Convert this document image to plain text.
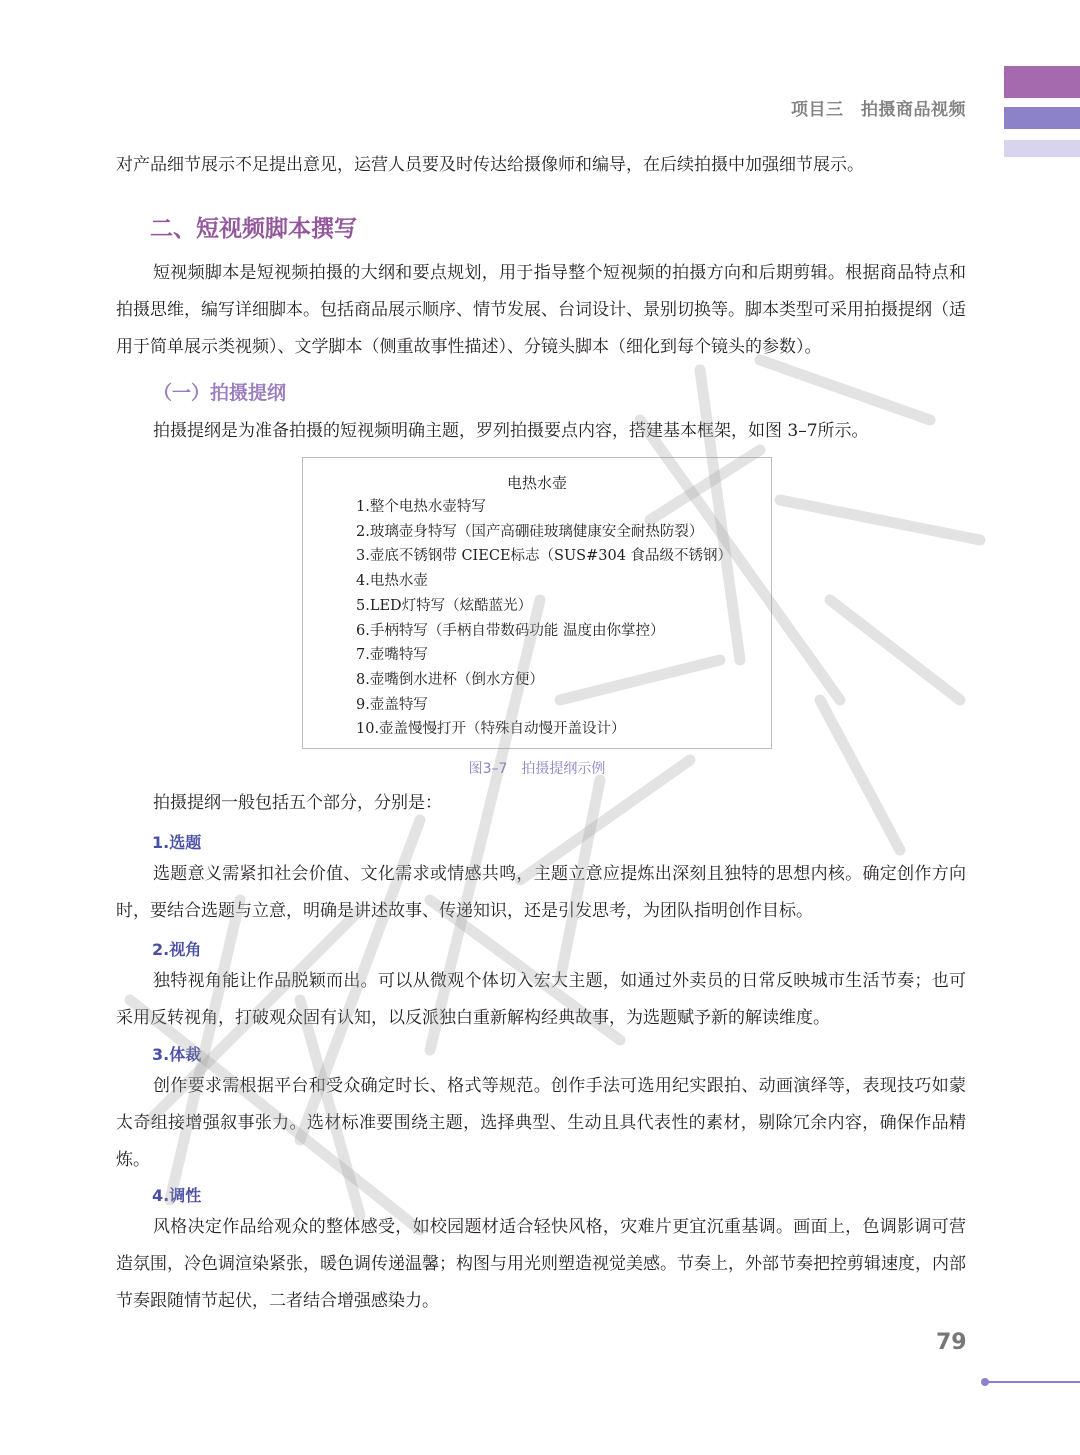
项目三　拍摄商品视频

对产品细节展示不足提出意见，运营人员要及时传达给摄像师和编导，在后续拍摄中加强细节展示。

二、短视频脚本撰写

短视频脚本是短视频拍摄的大纲和要点规划，用于指导整个短视频的拍摄方向和后期剪辑。根据商品特点和拍摄思维，编写详细脚本。包括商品展示顺序、情节发展、台词设计、景别切换等。脚本类型可采用拍摄提纲（适用于简单展示类视频）、文学脚本（侧重故事性描述）、分镜头脚本（细化到每个镜头的参数）。

（一）拍摄提纲

拍摄提纲是为准备拍摄的短视频明确主题，罗列拍摄要点内容，搭建基本框架，如图 3–7所示。

电热水壶
1.整个电热水壶特写
2.玻璃壶身特写（国产高硼硅玻璃健康安全耐热防裂）
3.壶底不锈钢带 CIECE标志（SUS#304 食品级不锈钢）
4.电热水壶
5.LED灯特写（炫酷蓝光）
6.手柄特写（手柄自带数码功能 温度由你掌控）
7.壶嘴特写
8.壶嘴倒水进杯（倒水方便）
9.壶盖特写
10.壶盖慢慢打开（特殊自动慢开盖设计）
图3–7　拍摄提纲示例

拍摄提纲一般包括五个部分，分别是：

1.选题

选题意义需紧扣社会价值、文化需求或情感共鸣，主题立意应提炼出深刻且独特的思想内核。确定创作方向时，要结合选题与立意，明确是讲述故事、传递知识，还是引发思考，为团队指明创作目标。

2.视角

独特视角能让作品脱颖而出。可以从微观个体切入宏大主题，如通过外卖员的日常反映城市生活节奏；也可采用反转视角，打破观众固有认知，以反派独白重新解构经典故事，为选题赋予新的解读维度。

3.体裁

创作要求需根据平台和受众确定时长、格式等规范。创作手法可选用纪实跟拍、动画演绎等，表现技巧如蒙太奇组接增强叙事张力。选材标准要围绕主题，选择典型、生动且具代表性的素材，剔除冗余内容，确保作品精炼。

4.调性

风格决定作品给观众的整体感受，如校园题材适合轻快风格，灾难片更宜沉重基调。画面上，色调影调可营造氛围，冷色调渲染紧张，暖色调传递温馨；构图与用光则塑造视觉美感。节奏上，外部节奏把控剪辑速度，内部节奏跟随情节起伏，二者结合增强感染力。

79
